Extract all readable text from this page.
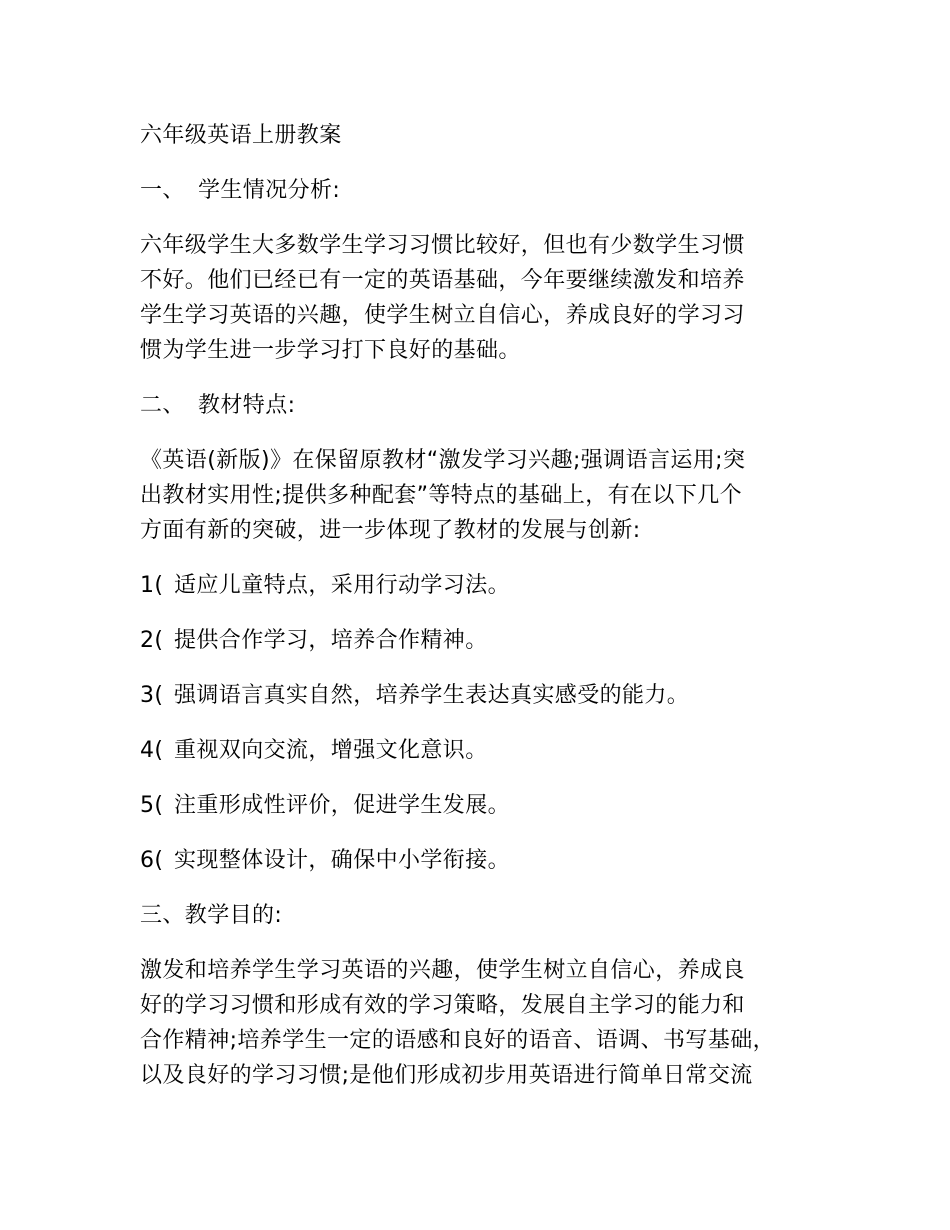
六年级英语上册教案

一、 学生情况分析:

六年级学生大多数学生学习习惯比较好，但也有少数学生习惯
不好。他们已经已有一定的英语基础，今年要继续激发和培养
学生学习英语的兴趣，使学生树立自信心，养成良好的学习习
惯为学生进一步学习打下良好的基础。

二、 教材特点:

《英语(新版)》在保留原教材“激发学习兴趣;强调语言运用;突
出教材实用性;提供多种配套”等特点的基础上，有在以下几个
方面有新的突破，进一步体现了教材的发展与创新:

1( 适应儿童特点，采用行动学习法。

2( 提供合作学习，培养合作精神。

3( 强调语言真实自然，培养学生表达真实感受的能力。

4( 重视双向交流，增强文化意识。

5( 注重形成性评价，促进学生发展。

6( 实现整体设计，确保中小学衔接。

三、教学目的:

激发和培养学生学习英语的兴趣，使学生树立自信心，养成良
好的学习习惯和形成有效的学习策略，发展自主学习的能力和
合作精神;培养学生一定的语感和良好的语音、语调、书写基础，
以及良好的学习习惯;是他们形成初步用英语进行简单日常交流
